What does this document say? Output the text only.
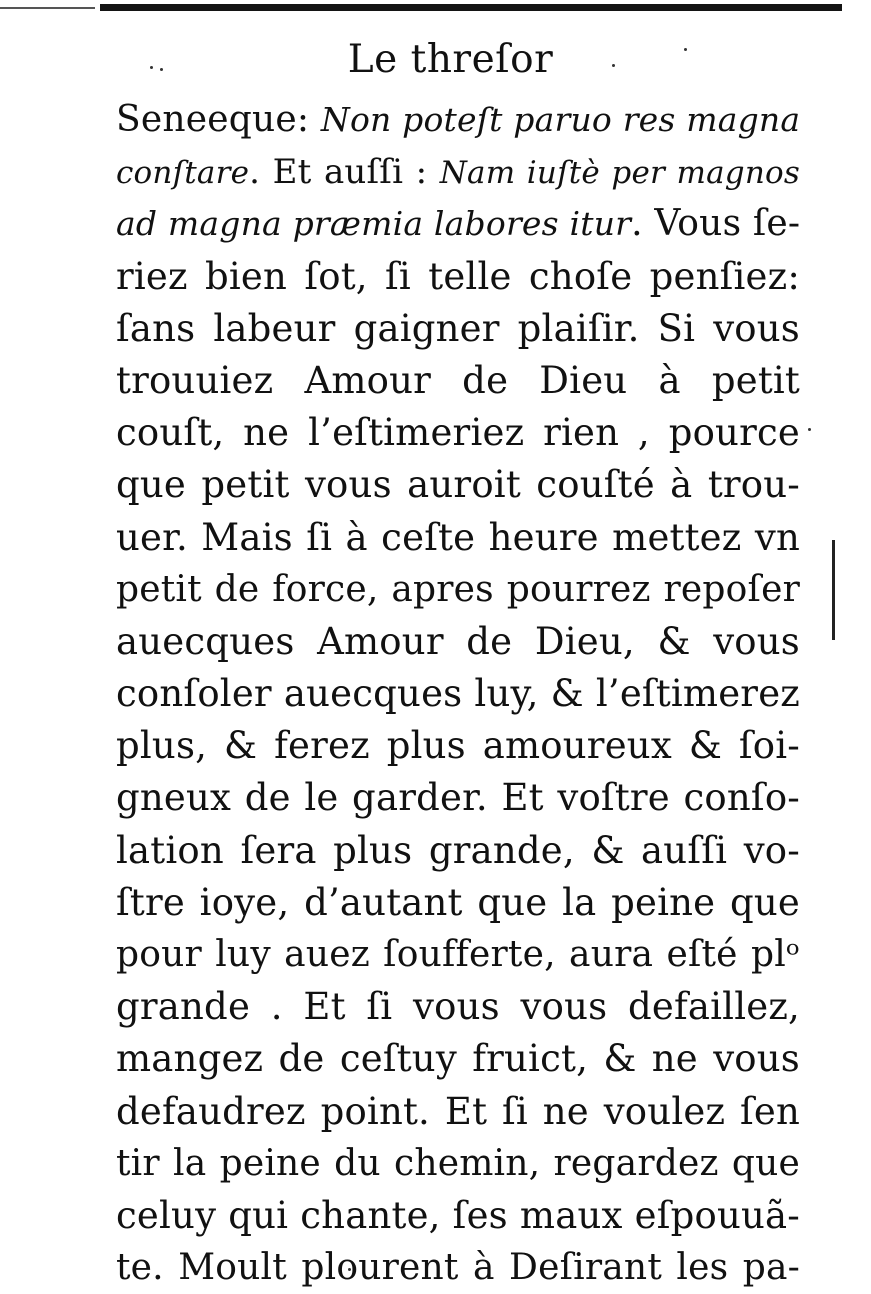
Le threſor
Seneeque: Non poteſt paruo res magna
conſtare. Et auſſi : Nam iuſtè per magnos
ad magna præmia labores itur. Vous ſe-
riez bien ſot, ſi telle choſe penſiez:
ſans labeur gaigner plaiſir. Si vous
trouuiez Amour de Dieu à petit
couſt, ne l’eſtimeriez rien , pource
que petit vous auroit couſté à trou-
uer. Mais ſi à ceſte heure mettez vn
petit de force, apres pourrez repoſer
auecques Amour de Dieu, & vous
conſoler auecques luy, & l’eſtimerez
plus, & ferez plus amoureux & ſoi-
gneux de le garder. Et voſtre conſo-
lation ſera plus grande, & auſſi vo-
ſtre ioye, d’autant que la peine que
pour luy auez ſoufferte, aura eſté plᵒ
grande . Et ſi vous vous defaillez,
mangez de ceſtuy fruict, & ne vous
defaudrez point. Et ſi ne voulez ſen
tir la peine du chemin, regardez que
celuy qui chante, ſes maux eſpouuã-
te. Moult plourent à Deſirant les pa-
